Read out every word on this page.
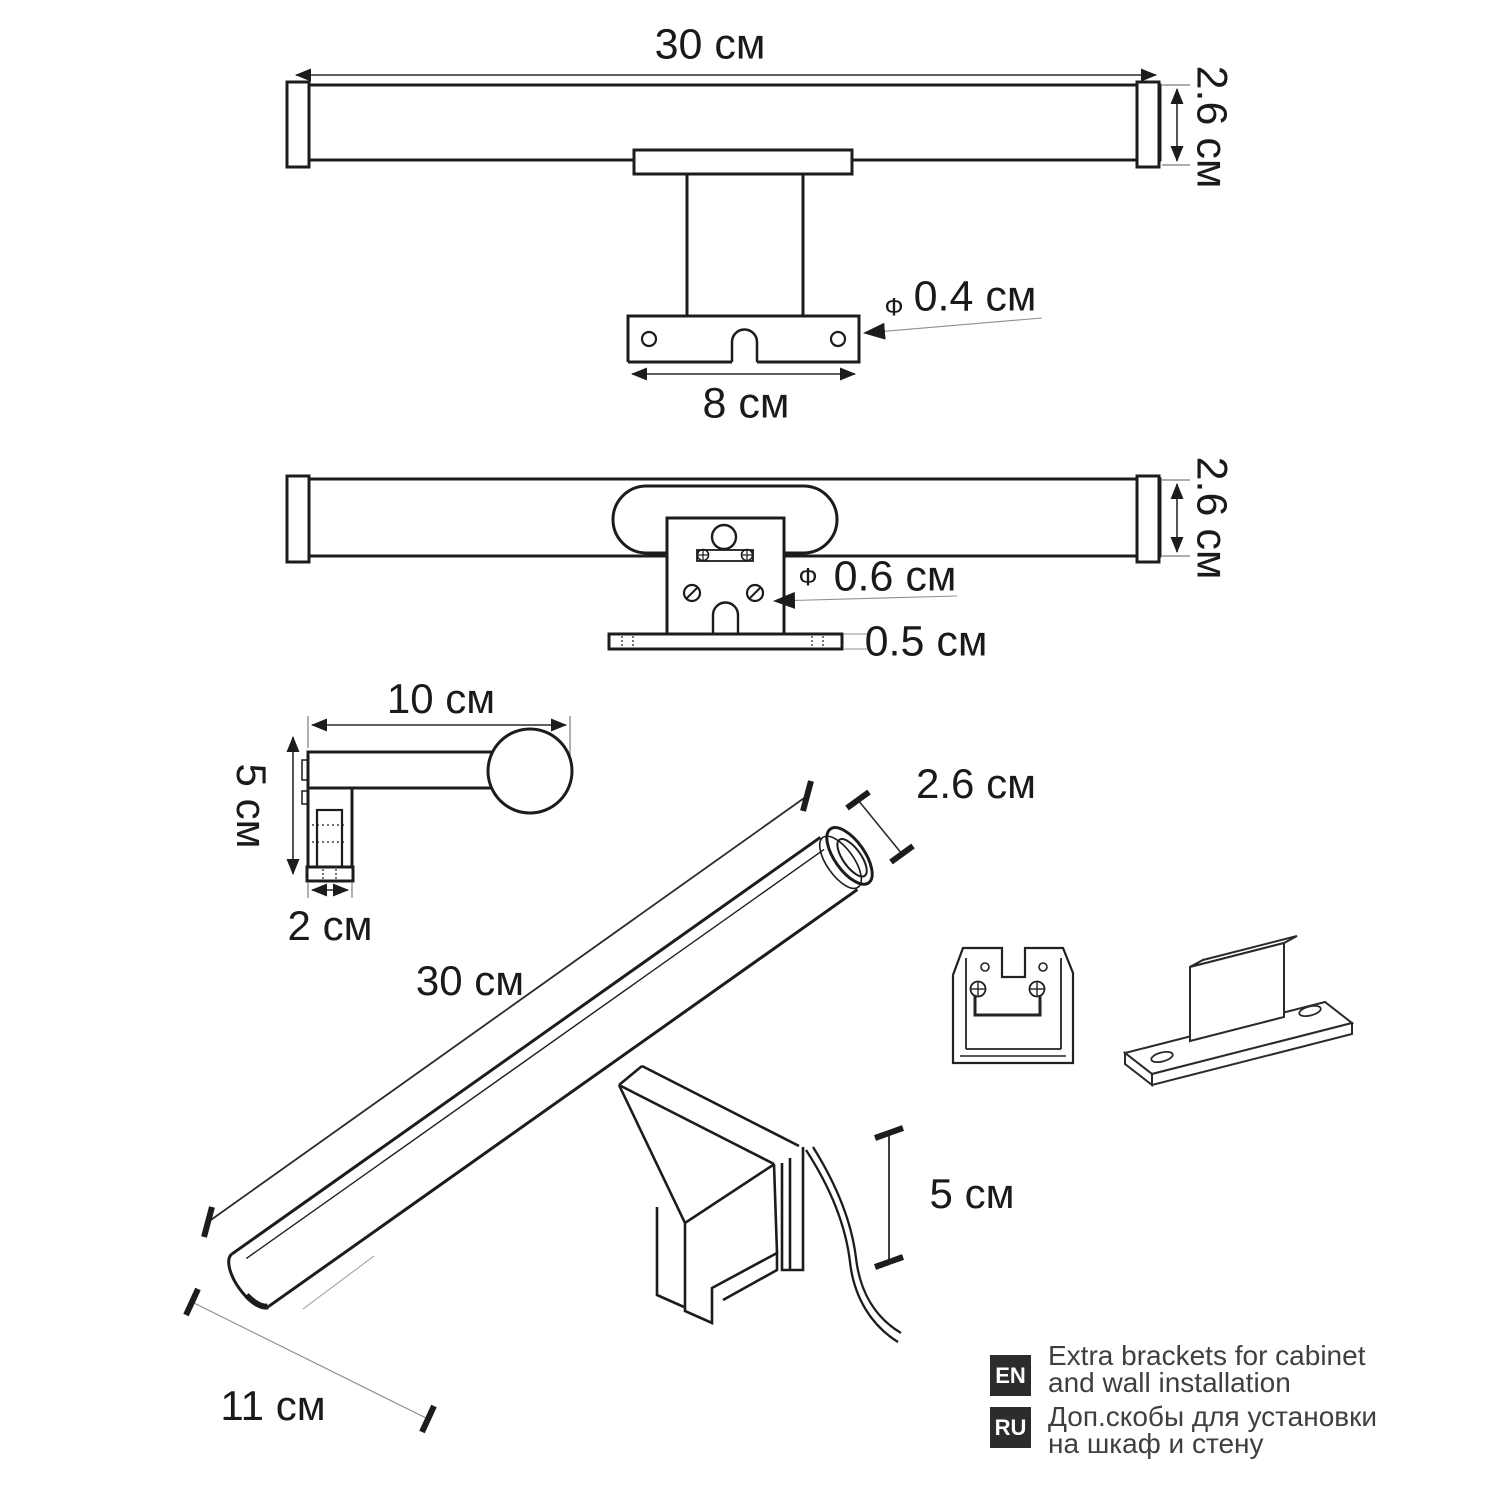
30 см
2.6 см
Ф 0.4 см
8 см
2.6 см
Ф 0.6 см
0.5 см
10 см
5 см
2 см
30 см
2.6 см
5 см
11 см
EN
Extra brackets for cabinet
and wall installation
RU Доп.скобы для установки
на шкаф и стену
